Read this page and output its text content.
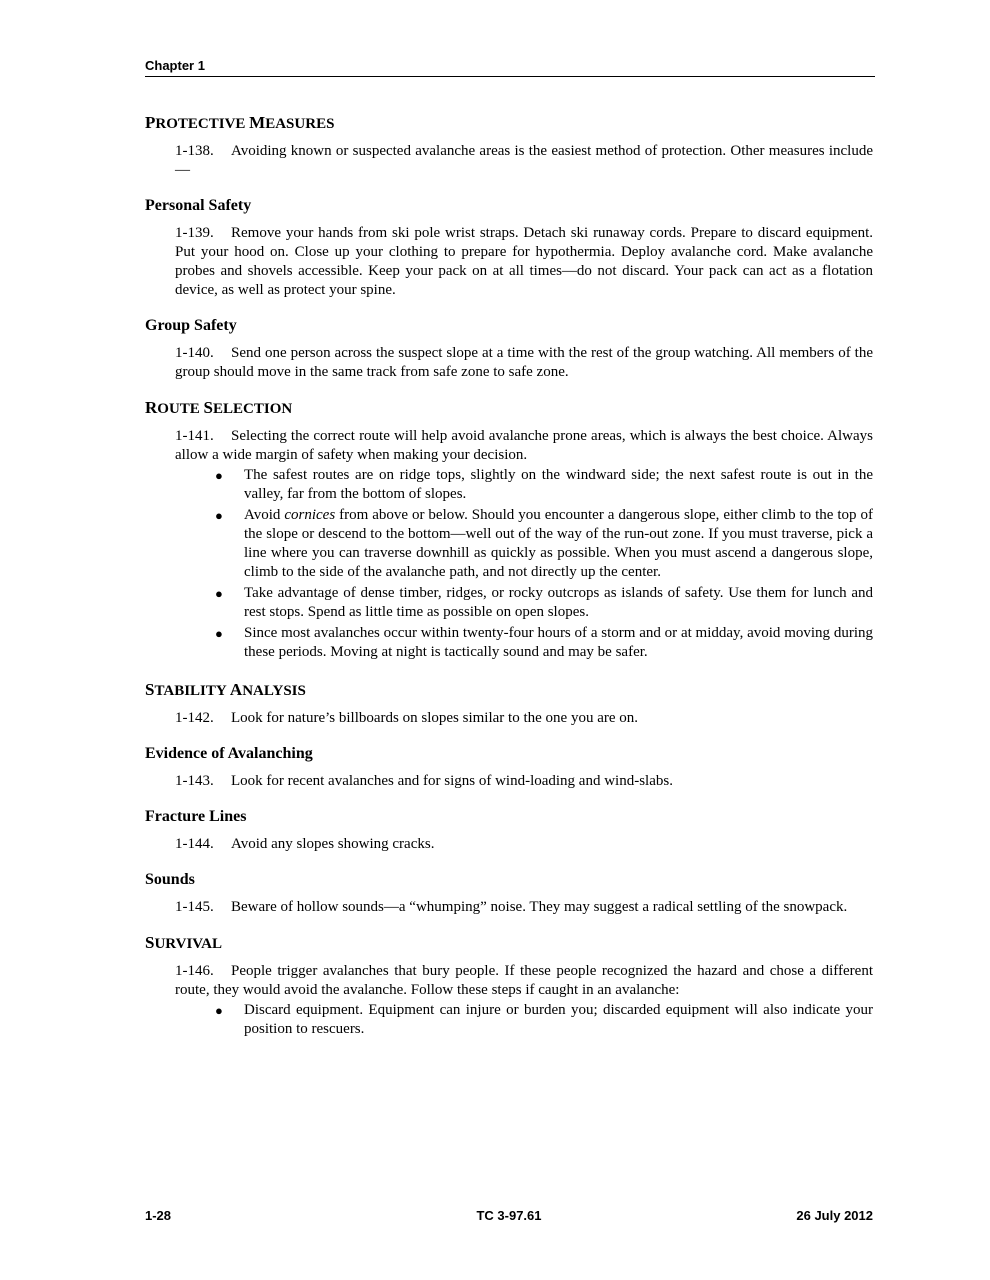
Chapter 1
PROTECTIVE MEASURES

1-138. Avoiding known or suspected avalanche areas is the easiest method of protection. Other measures include—

Personal Safety

1-139. Remove your hands from ski pole wrist straps. Detach ski runaway cords. Prepare to discard equipment. Put your hood on. Close up your clothing to prepare for hypothermia. Deploy avalanche cord. Make avalanche probes and shovels accessible. Keep your pack on at all times—do not discard. Your pack can act as a flotation device, as well as protect your spine.

Group Safety

1-140. Send one person across the suspect slope at a time with the rest of the group watching. All members of the group should move in the same track from safe zone to safe zone.

ROUTE SELECTION

1-141. Selecting the correct route will help avoid avalanche prone areas, which is always the best choice. Always allow a wide margin of safety when making your decision.

● The safest routes are on ridge tops, slightly on the windward side; the next safest route is out in the valley, far from the bottom of slopes.
● Avoid cornices from above or below. Should you encounter a dangerous slope, either climb to the top of the slope or descend to the bottom—well out of the way of the run-out zone. If you must traverse, pick a line where you can traverse downhill as quickly as possible. When you must ascend a dangerous slope, climb to the side of the avalanche path, and not directly up the center.
● Take advantage of dense timber, ridges, or rocky outcrops as islands of safety. Use them for lunch and rest stops. Spend as little time as possible on open slopes.
● Since most avalanches occur within twenty-four hours of a storm and or at midday, avoid moving during these periods. Moving at night is tactically sound and may be safer.
STABILITY ANALYSIS

1-142. Look for nature’s billboards on slopes similar to the one you are on.

Evidence of Avalanching

1-143. Look for recent avalanches and for signs of wind-loading and wind-slabs.

Fracture Lines

1-144. Avoid any slopes showing cracks.

Sounds

1-145. Beware of hollow sounds—a “whumping” noise. They may suggest a radical settling of the snowpack.

SURVIVAL

1-146. People trigger avalanches that bury people. If these people recognized the hazard and chose a different route, they would avoid the avalanche. Follow these steps if caught in an avalanche:

● Discard equipment. Equipment can injure or burden you; discarded equipment will also indicate your position to rescuers.
1-28	TC 3-97.61	26 July 2012
